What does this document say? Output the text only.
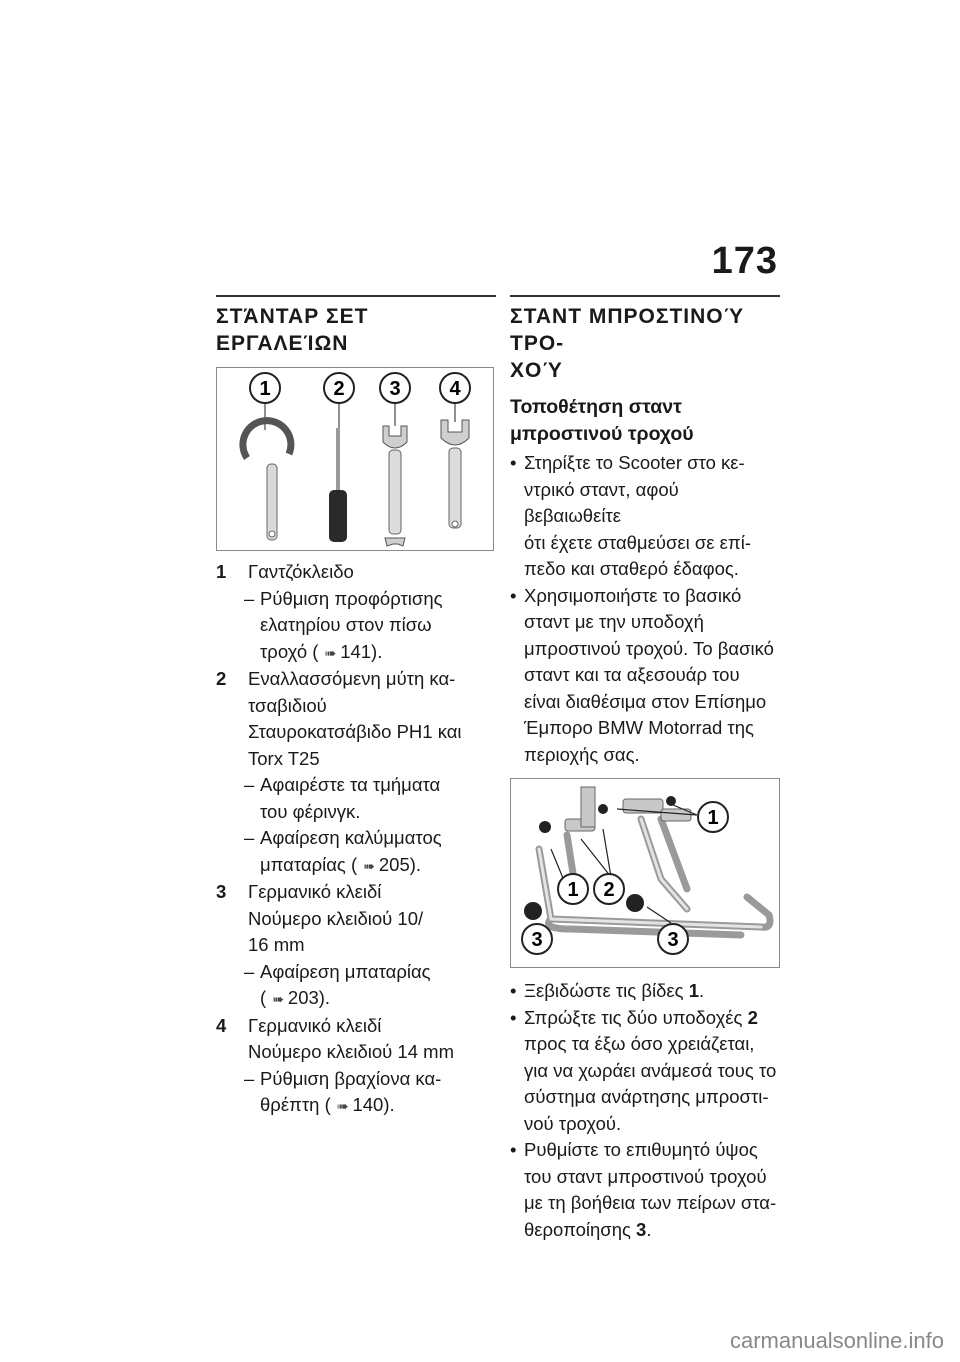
173
ΣΤΆΝΤΑΡ ΣΕΤ ΕΡΓΑΛΕΊΩΝ
1	2 3 4
1 Γαντζόκλειδο
– Ρύθμιση προφόρτισης
ελατηρίου στον πίσω
τροχό ( ➠ 141).
2 Εναλλασσόμενη μύτη κα-
τσαβιδιού
Σταυροκατσάβιδο PH1 και
Torx T25
– Αφαιρέστε τα τμήματα
του φέρινγκ.
– Αφαίρεση καλύμματος
μπαταρίας ( ➠ 205).
3 Γερμανικό κλειδί
Νούμερο κλειδιού 10/
16 mm
– Αφαίρεση μπαταρίας
( ➠ 203).
4 Γερμανικό κλειδί
Νούμερο κλειδιού 14 mm
– Ρύθμιση βραχίονα κα-
θρέπτη ( ➠ 140).
ΣΤΑΝΤ ΜΠΡΟΣΤΙΝΟΎ ΤΡΟ-
ΧΟΎ
Τοποθέτηση σταντ
μπροστινού τροχού
• Στηρίξτε το Scooter στο κε-
ντρικό σταντ, αφού βεβαιωθείτε
ότι έχετε σταθμεύσει σε επί-
πεδο και σταθερό έδαφος.
• Χρησιμοποιήστε το βασικό
σταντ με την υποδοχή
μπροστινού τροχού. Το βασικό
σταντ και τα αξεσουάρ του
είναι διαθέσιμα στον Επίσημο
Έμπορο BMW Motorrad της
περιοχής σας.
1
1 2
3	3
• Ξεβιδώστε τις βίδες 1.
• Σπρώξτε τις δύο υποδοχές 2
προς τα έξω όσο χρειάζεται,
για να χωράει ανάμεσά τους το
σύστημα ανάρτησης μπροστι-
νού τροχού.
• Ρυθμίστε το επιθυμητό ύψος
του σταντ μπροστινού τροχού
με τη βοήθεια των πείρων στα-
θεροποίησης 3.
carmanualsonline.info
